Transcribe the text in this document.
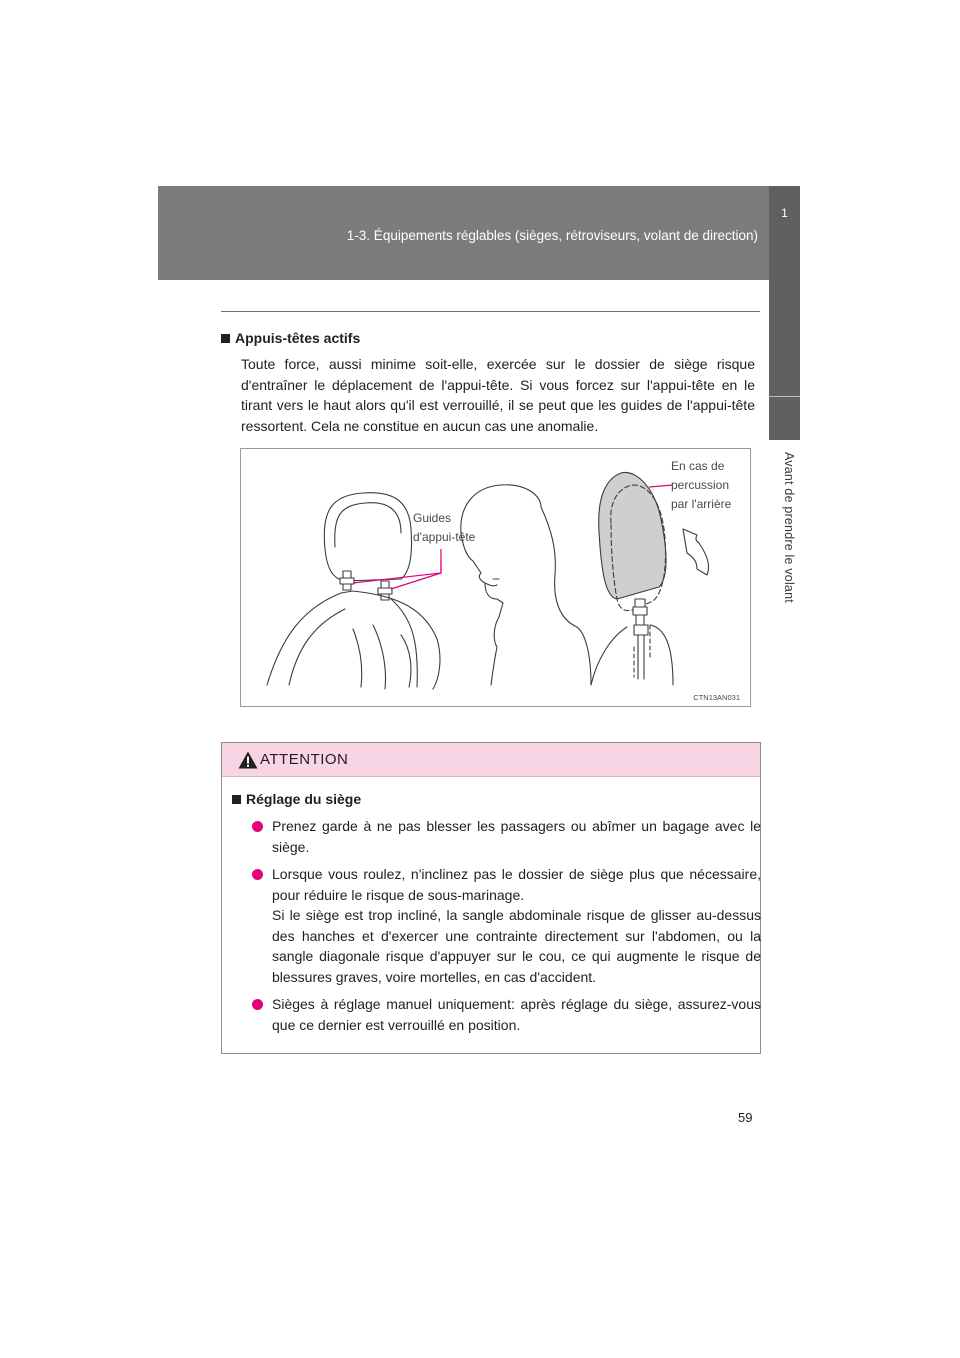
1-3. Équipements réglables (sièges, rétroviseurs, volant de direction)
1
Avant de prendre le volant
Appuis-têtes actifs
Toute force, aussi minime soit-elle, exercée sur le dossier de siège risque d'entraîner le déplacement de l'appui-tête. Si vous forcez sur l'appui-tête en le tirant vers le haut alors qu'il est verrouillé, il se peut que les guides de l'appui-tête ressortent. Cela ne constitue en aucun cas une anomalie.
Guides
d'appui-tête
En cas de
percussion
par l'arrière
CTN13AN031
ATTENTION
Réglage du siège
Prenez garde à ne pas blesser les passagers ou abîmer un bagage avec le siège.
Lorsque vous roulez, n'inclinez pas le dossier de siège plus que nécessaire, pour réduire le risque de sous-marinage.
Si le siège est trop incliné, la sangle abdominale risque de glisser au-dessus des hanches et d'exercer une contrainte directement sur l'abdomen, ou la sangle diagonale risque d'appuyer sur le cou, ce qui augmente le risque de blessures graves, voire mortelles, en cas d'accident.
Sièges à réglage manuel uniquement: après réglage du siège, assurez-vous que ce dernier est verrouillé en position.
59
